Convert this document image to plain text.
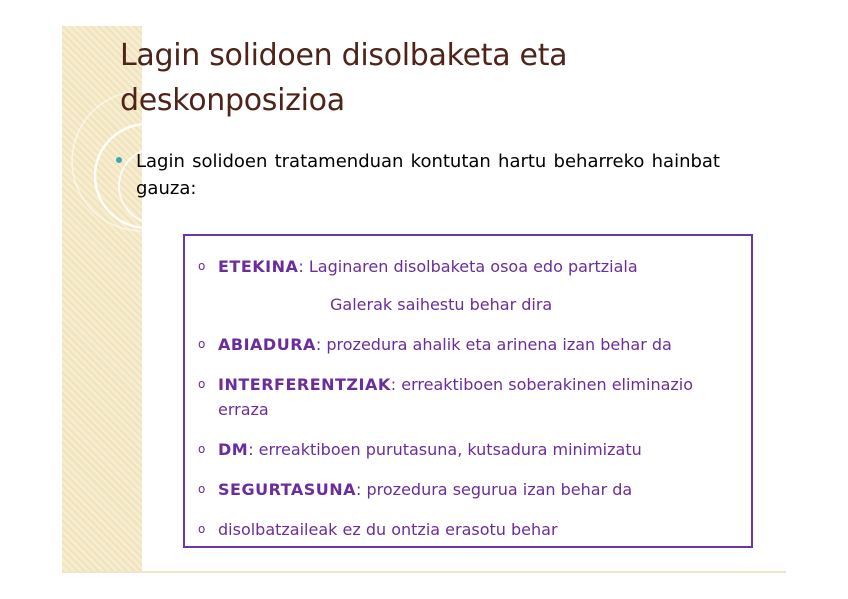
Lagin solidoen disolbaketa eta deskonposizioa
Lagin solidoen tratamenduan kontutan hartu beharreko hainbat gauza:
o ETEKINA: Laginaren disolbaketa osoa edo partziala
Galerak saihestu behar dira
o ABIADURA: prozedura ahalik eta arinena izan behar da
o INTERFERENTZIAK: erreaktiboen soberakinen eliminazio erraza
o DM: erreaktiboen purutasuna, kutsadura minimizatu
o SEGURTASUNA: prozedura segurua izan behar da
o disolbatzaileak ez du ontzia erasotu behar
